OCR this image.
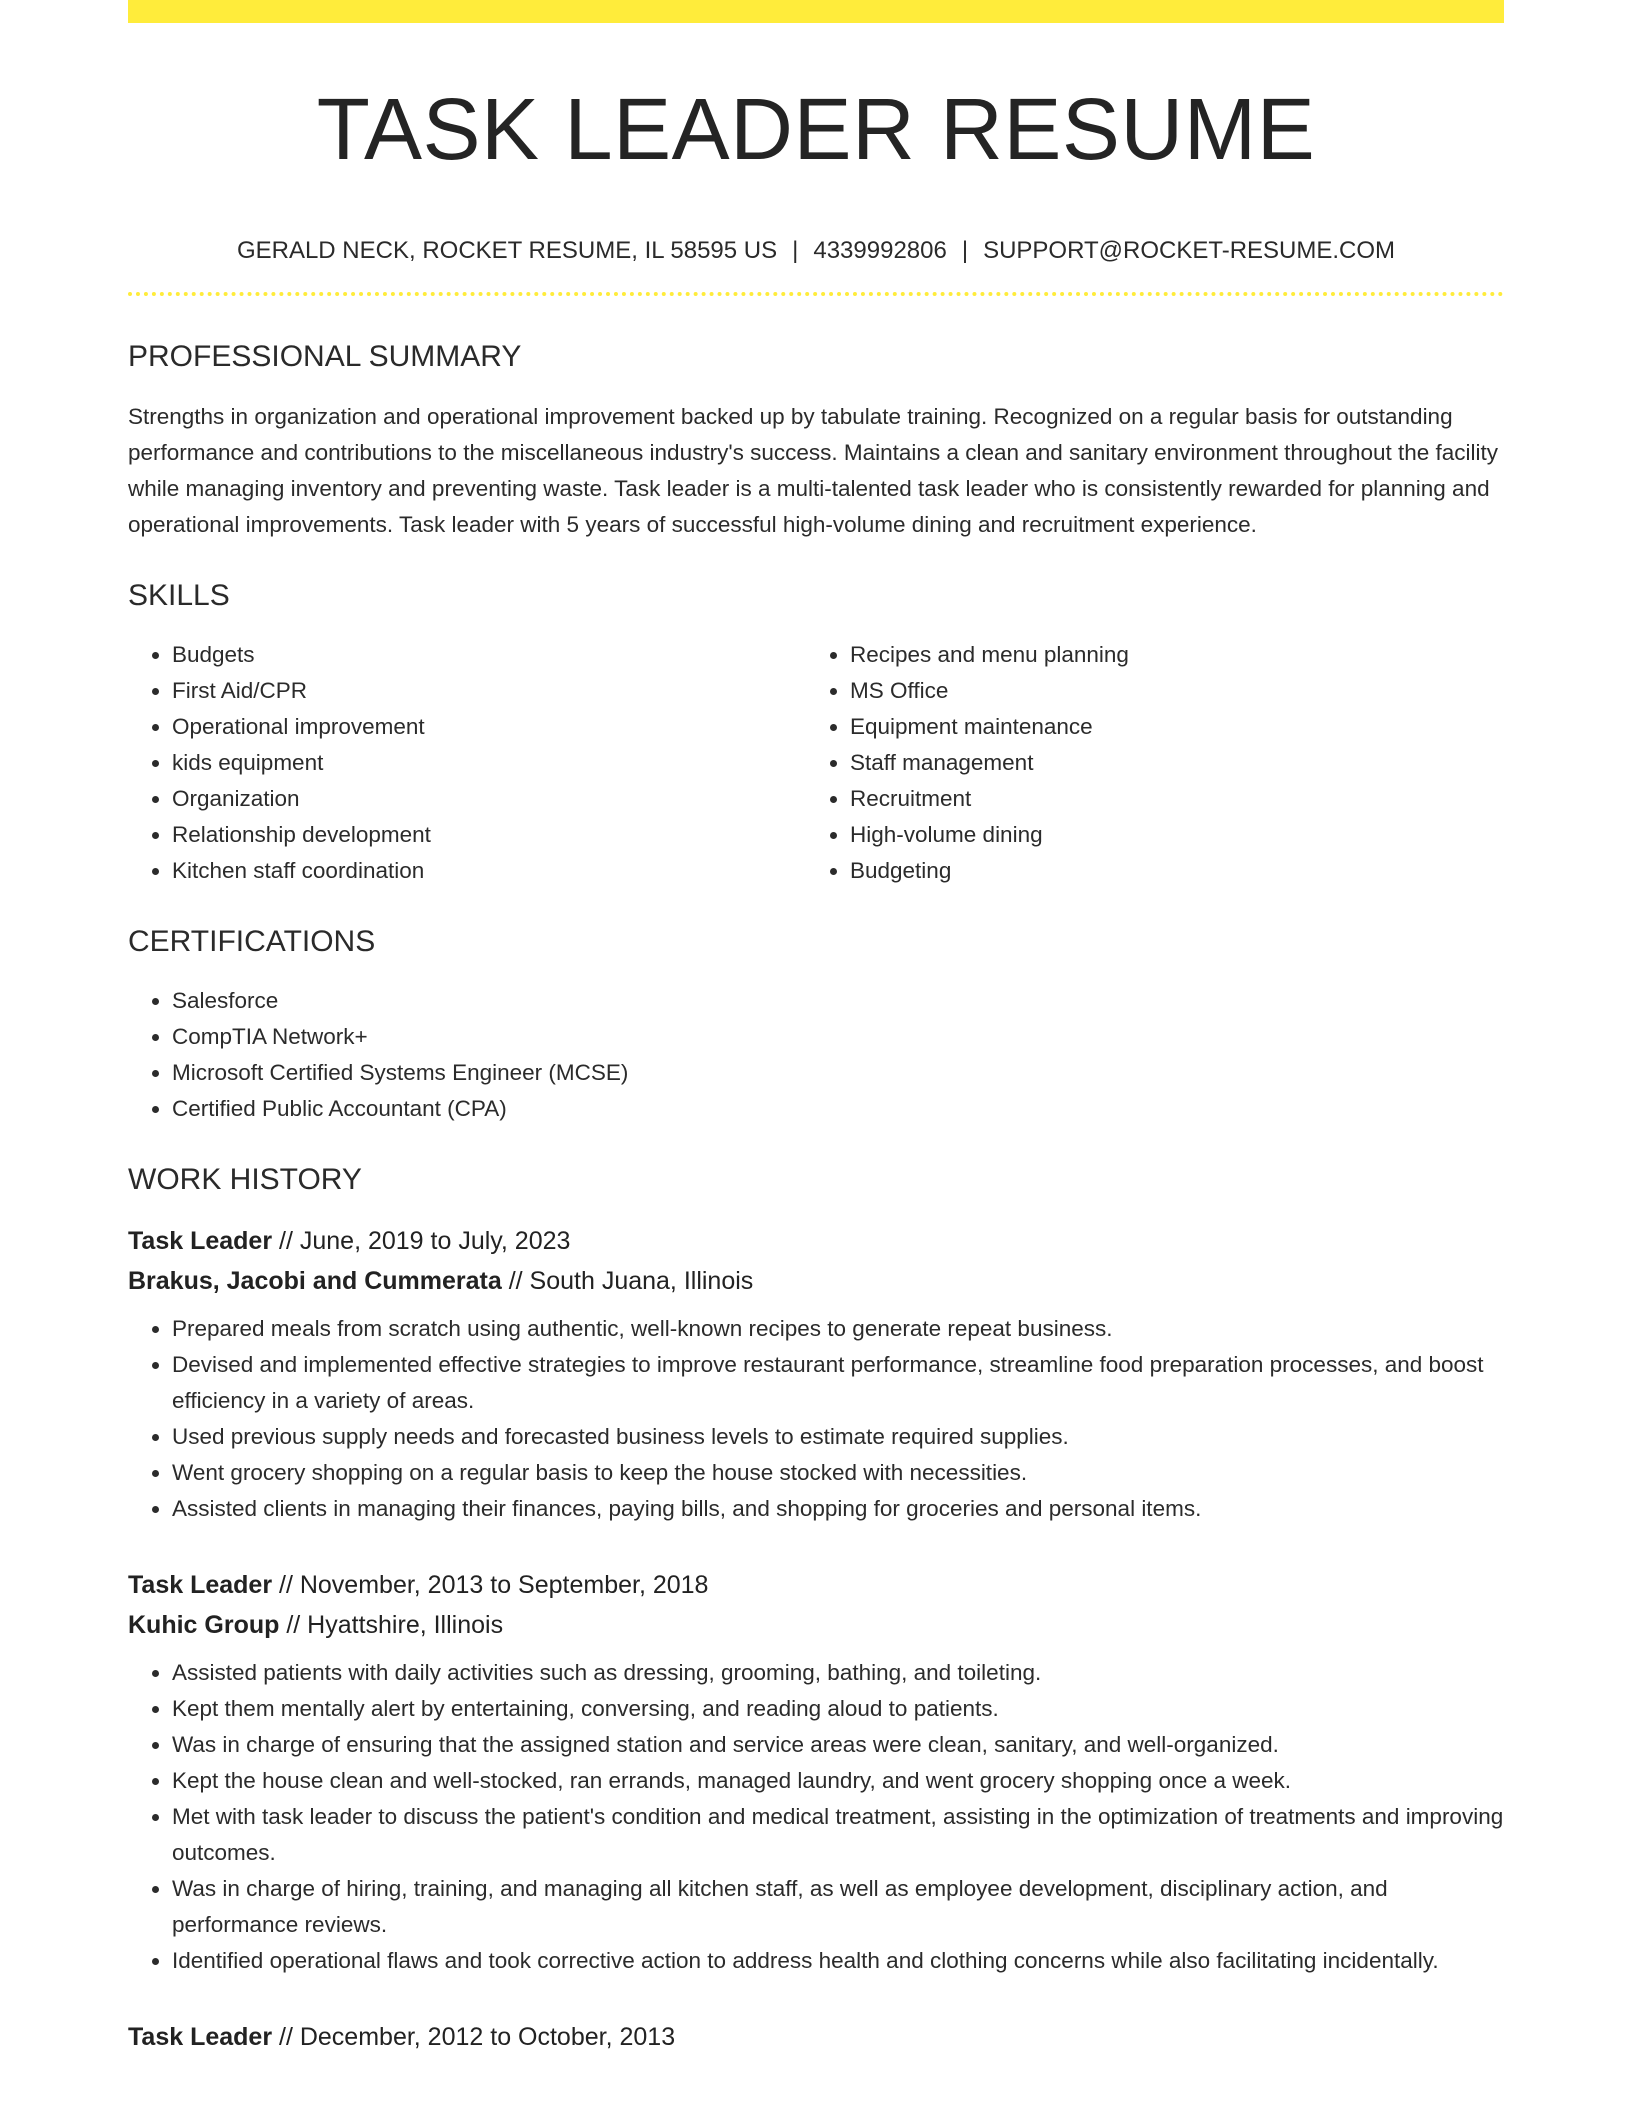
TASK LEADER RESUME
GERALD NECK, ROCKET RESUME, IL 58595 US | 4339992806 | SUPPORT@ROCKET-RESUME.COM
PROFESSIONAL SUMMARY

Strengths in organization and operational improvement backed up by tabulate training. Recognized on a regular basis for outstanding performance and contributions to the miscellaneous industry's success. Maintains a clean and sanitary environment throughout the facility while managing inventory and preventing waste. Task leader is a multi-talented task leader who is consistently rewarded for planning and operational improvements. Task leader with 5 years of successful high-volume dining and recruitment experience.

SKILLS
• Budgets
• First Aid/CPR
• Operational improvement
• kids equipment
• Organization
• Relationship development
• Kitchen staff coordination
• Recipes and menu planning
• MS Office
• Equipment maintenance
• Staff management
• Recruitment
• High-volume dining
• Budgeting
CERTIFICATIONS
• Salesforce
• CompTIA Network+
• Microsoft Certified Systems Engineer (MCSE)
• Certified Public Accountant (CPA)
WORK HISTORY
Task Leader // June, 2019 to July, 2023
Brakus, Jacobi and Cummerata // South Juana, Illinois
• Prepared meals from scratch using authentic, well-known recipes to generate repeat business.
• Devised and implemented effective strategies to improve restaurant performance, streamline food preparation processes, and boost efficiency in a variety of areas.
• Used previous supply needs and forecasted business levels to estimate required supplies.
• Went grocery shopping on a regular basis to keep the house stocked with necessities.
• Assisted clients in managing their finances, paying bills, and shopping for groceries and personal items.
Task Leader // November, 2013 to September, 2018
Kuhic Group // Hyattshire, Illinois
• Assisted patients with daily activities such as dressing, grooming, bathing, and toileting.
• Kept them mentally alert by entertaining, conversing, and reading aloud to patients.
• Was in charge of ensuring that the assigned station and service areas were clean, sanitary, and well-organized.
• Kept the house clean and well-stocked, ran errands, managed laundry, and went grocery shopping once a week.
• Met with task leader to discuss the patient's condition and medical treatment, assisting in the optimization of treatments and improving outcomes.
• Was in charge of hiring, training, and managing all kitchen staff, as well as employee development, disciplinary action, and performance reviews.
• Identified operational flaws and took corrective action to address health and clothing concerns while also facilitating incidentally.
Task Leader // December, 2012 to October, 2013
